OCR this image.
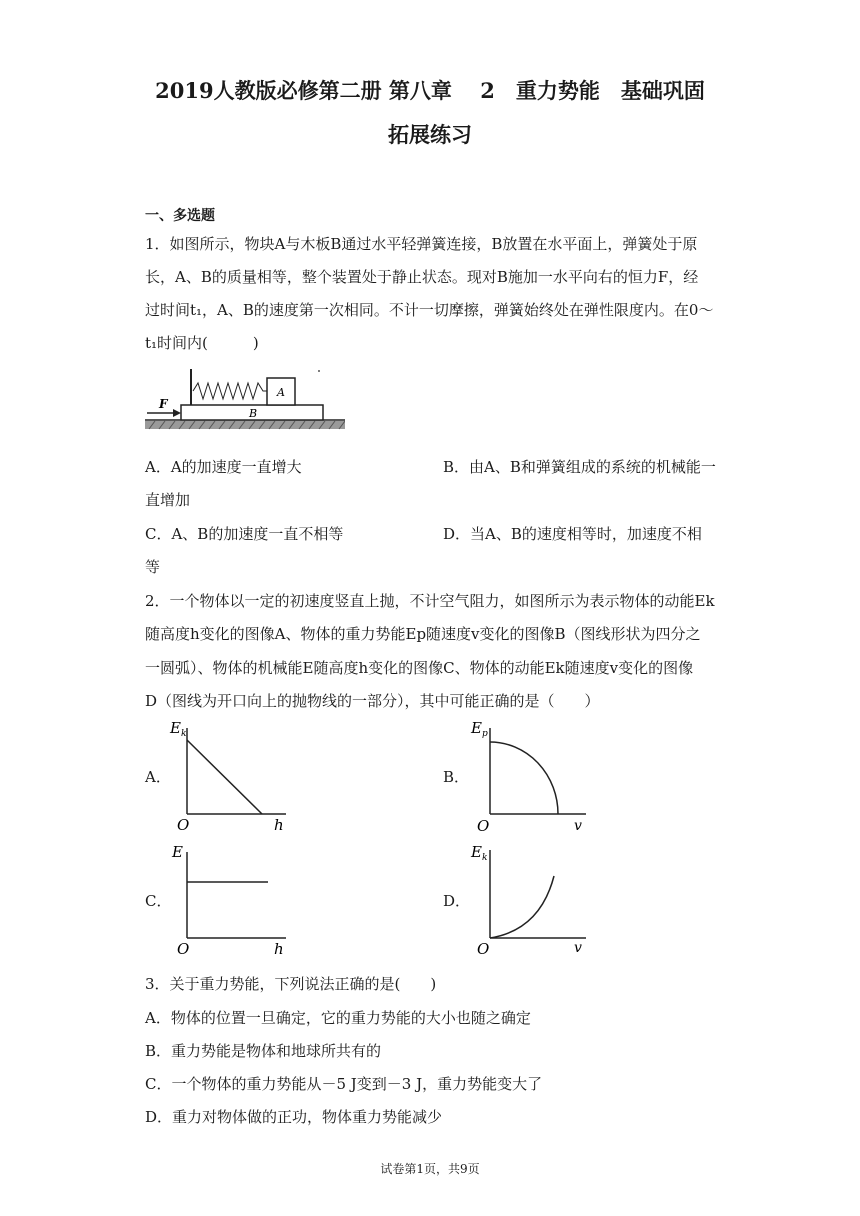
2019人教版必修第二册 第八章　 2　重力势能　基础巩固
拓展练习
一、多选题
1．如图所示，物块A与木板B通过水平轻弹簧连接，B放置在水平面上，弹簧处于原
长，A、B的质量相等，整个装置处于静止状态。现对B施加一水平向右的恒力F，经
过时间t₁，A、B的速度第一次相同。不计一切摩擦，弹簧始终处在弹性限度内。在0～
t₁时间内(　　　)
B
A
F
A．A的加速度一直增大	B．由A、B和弹簧组成的系统的机械能一
直增加
C．A、B的加速度一直不相等	D．当A、B的速度相等时，加速度不相
等
2．一个物体以一定的初速度竖直上抛，不计空气阻力，如图所示为表示物体的动能Ek
随高度h变化的图像A、物体的重力势能Ep随速度v变化的图像B（图线形状为四分之
一圆弧）、物体的机械能E随高度h变化的图像C、物体的动能Ek随速度v变化的图像
D（图线为开口向上的抛物线的一部分），其中可能正确的是（　　）
A．
$E_k$
O	h
B．
$E_p$
O	v
C．
E
O	h
D．
$E_k$
O	v
3．关于重力势能，下列说法正确的是(　　)
A．物体的位置一旦确定，它的重力势能的大小也随之确定
B．重力势能是物体和地球所共有的
C．一个物体的重力势能从－5 J变到－3 J，重力势能变大了
D．重力对物体做的正功，物体重力势能减少
试卷第1页，共9页
